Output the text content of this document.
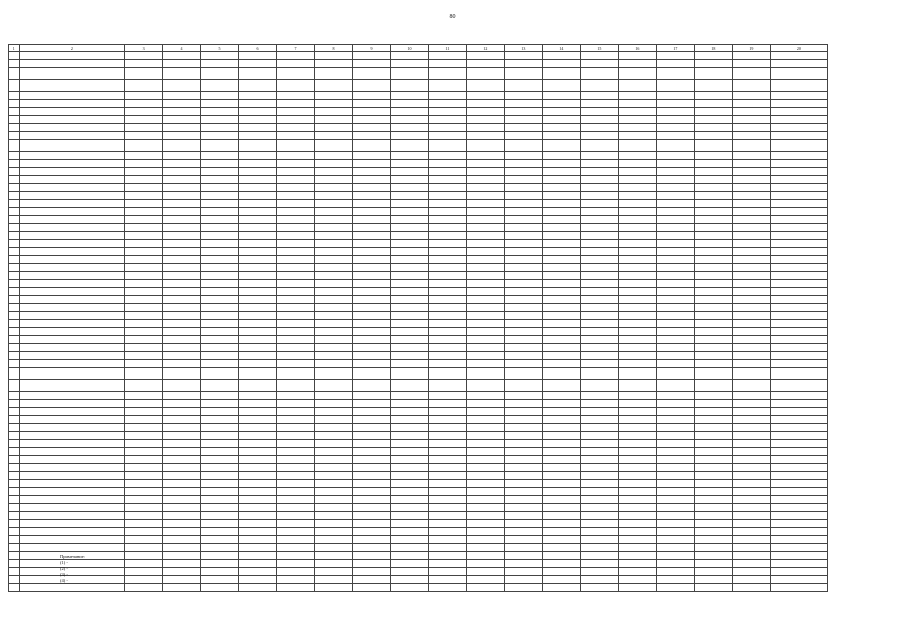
80
1	2	3	4	5	6	7	8	9	10	11	12	13	14	15	16	17	18	19	20

Примечание:
(1) -
(2) -
(3) -
(4) -
